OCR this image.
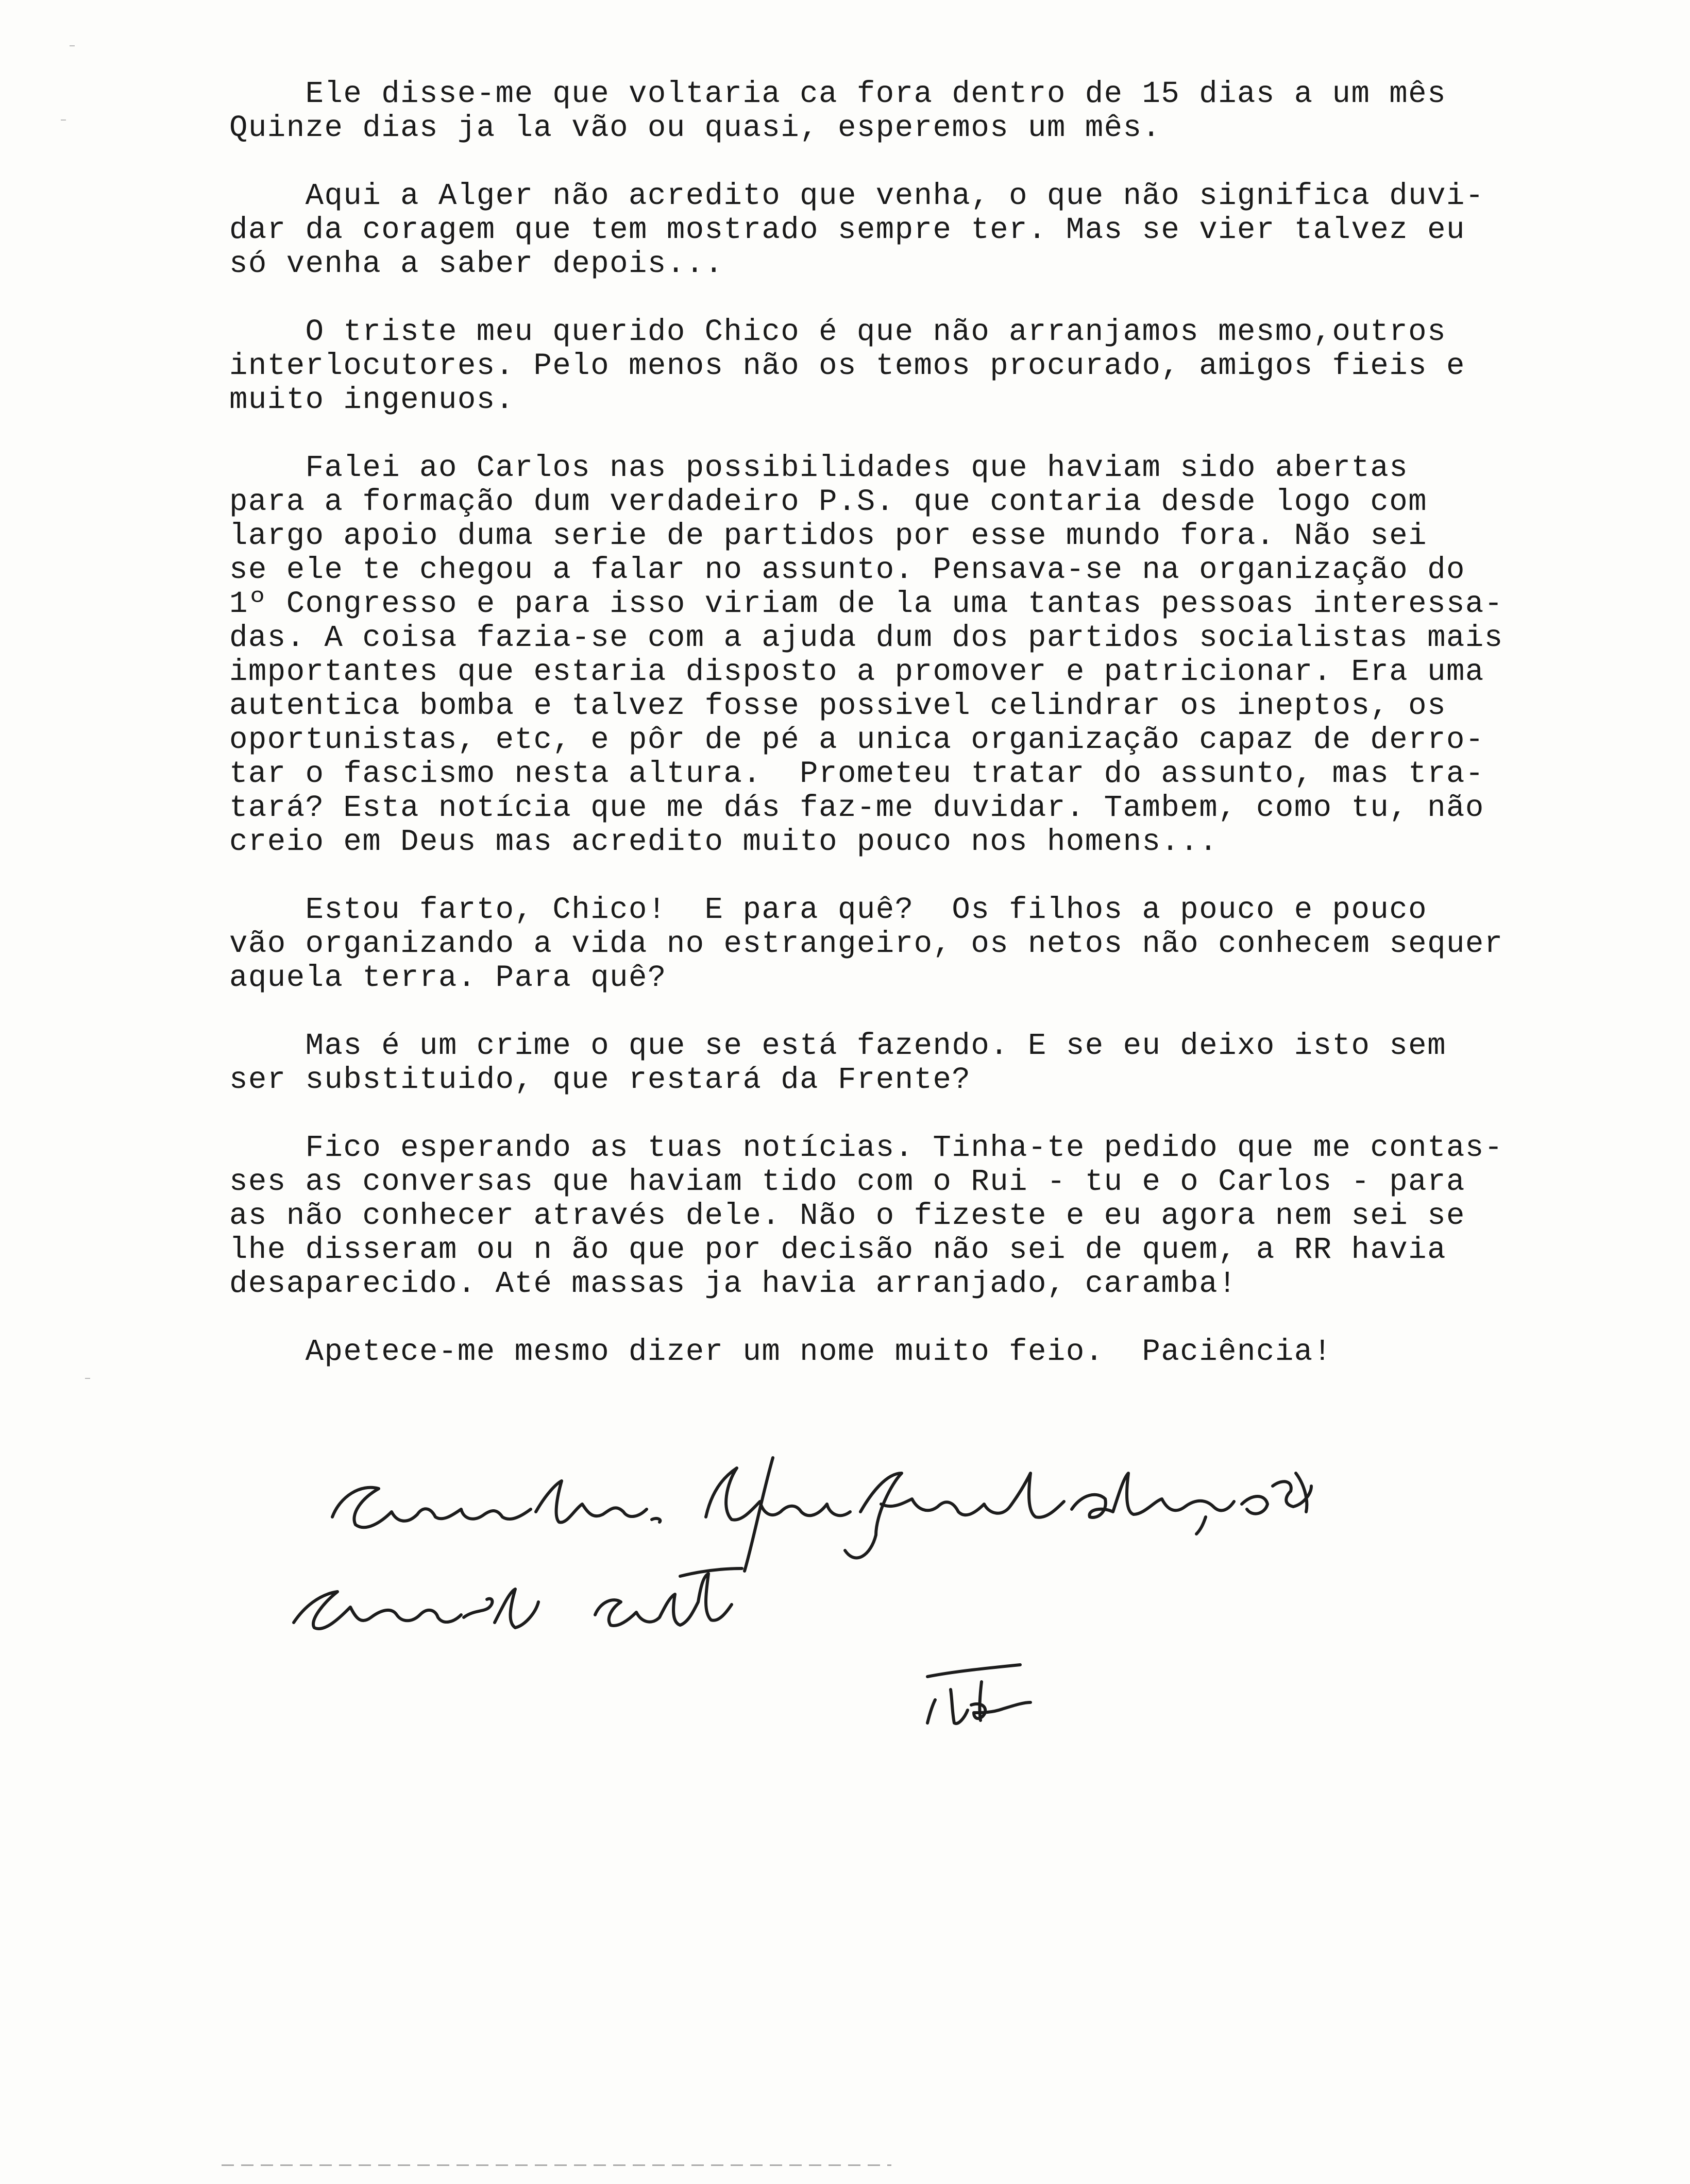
Ele disse-me que voltaria ca fora dentro de 15 dias a um mês
Quinze dias ja la vão ou quasi, esperemos um mês.
Aqui a Alger não acredito que venha, o que não significa duvi-
dar da coragem que tem mostrado sempre ter. Mas se vier talvez eu
só venha a saber depois...
O triste meu querido Chico é que não arranjamos mesmo,outros
interlocutores. Pelo menos não os temos procurado, amigos fieis e
muito ingenuos.
Falei ao Carlos nas possibilidades que haviam sido abertas
para a formação dum verdadeiro P.S. que contaria desde logo com
largo apoio duma serie de partidos por esse mundo fora. Não sei
se ele te chegou a falar no assunto. Pensava-se na organização do
1º Congresso e para isso viriam de la uma tantas pessoas interessa-
das. A coisa fazia-se com a ajuda dum dos partidos socialistas mais
importantes que estaria disposto a promover e patricionar. Era uma
autentica bomba e talvez fosse possivel celindrar os ineptos, os
oportunistas, etc, e pôr de pé a unica organização capaz de derro-
tar o fascismo nesta altura.  Prometeu tratar do assunto, mas tra-
tará? Esta notícia que me dás faz-me duvidar. Tambem, como tu, não
creio em Deus mas acredito muito pouco nos homens...
Estou farto, Chico!  E para quê?  Os filhos a pouco e pouco
vão organizando a vida no estrangeiro, os netos não conhecem sequer
aquela terra. Para quê?
Mas é um crime o que se está fazendo. E se eu deixo isto sem
ser substituido, que restará da Frente?
Fico esperando as tuas notícias. Tinha-te pedido que me contas-
ses as conversas que haviam tido com o Rui - tu e o Carlos - para
as não conhecer através dele. Não o fizeste e eu agora nem sei se
lhe disseram ou n ão que por decisão não sei de quem, a RR havia
desaparecido. Até massas ja havia arranjado, caramba!
Apetece-me mesmo dizer um nome muito feio.  Paciência!
